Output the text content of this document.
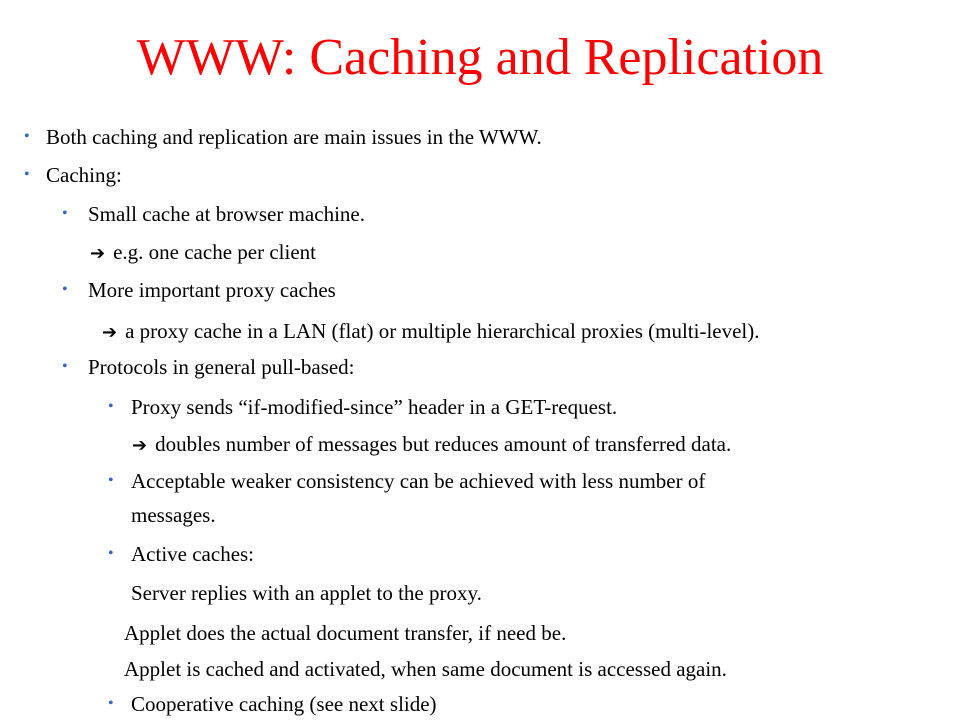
WWW: Caching and Replication
• Both caching and replication are main issues in the WWW.
• Caching:
• Small cache at browser machine.
➔ e.g. one cache per client
• More important proxy caches
➔ a proxy cache in a LAN (flat) or multiple hierarchical proxies (multi-level).
• Protocols in general pull-based:
• Proxy sends “if-modified-since” header in a GET-request.
➔ doubles number of messages but reduces amount of transferred data.
• Acceptable weaker consistency can be achieved with less number of
messages.
• Active caches:
Server replies with an applet to the proxy.
Applet does the actual document transfer, if need be.
Applet is cached and activated, when same document is accessed again.
• Cooperative caching (see next slide)
